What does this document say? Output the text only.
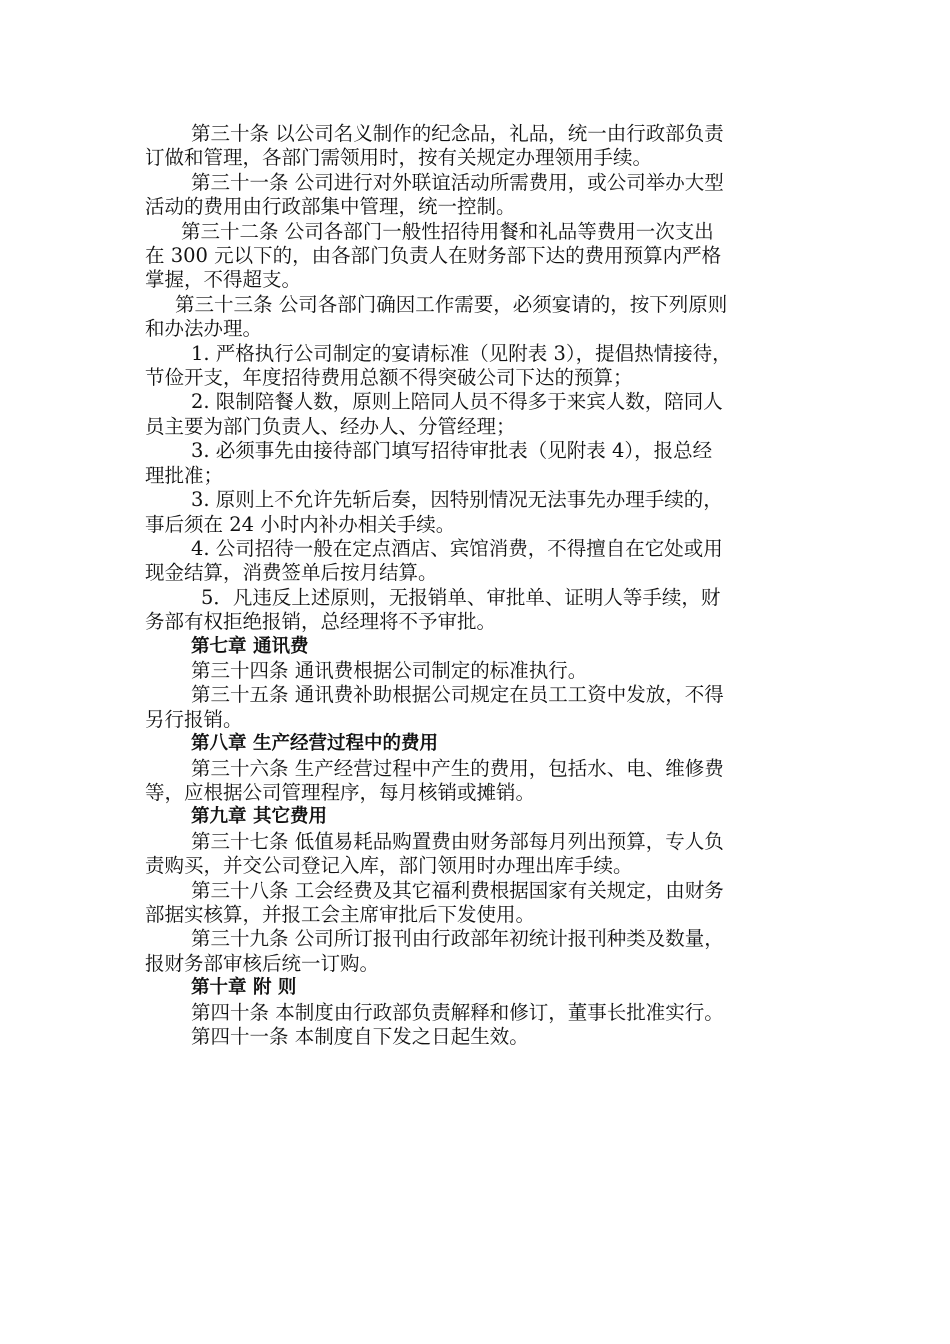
第三十条 以公司名义制作的纪念品，礼品，统一由行政部负责

订做和管理，各部门需领用时，按有关规定办理领用手续。

第三十一条 公司进行对外联谊活动所需费用，或公司举办大型

活动的费用由行政部集中管理，统一控制。

第三十二条 公司各部门一般性招待用餐和礼品等费用一次支出

在 300 元以下的，由各部门负责人在财务部下达的费用预算内严格

掌握，不得超支。

第三十三条 公司各部门确因工作需要，必须宴请的，按下列原则

和办法办理。

1. 严格执行公司制定的宴请标准（见附表 3），提倡热情接待，

节俭开支，年度招待费用总额不得突破公司下达的预算；

2. 限制陪餐人数，原则上陪同人员不得多于来宾人数，陪同人

员主要为部门负责人、经办人、分管经理；

3. 必须事先由接待部门填写招待审批表（见附表 4），报总经

理批准；

3. 原则上不允许先斩后奏，因特别情况无法事先办理手续的，

事后须在 24 小时内补办相关手续。

4. 公司招待一般在定点酒店、宾馆消费，不得擅自在它处或用

现金结算，消费签单后按月结算。

5．凡违反上述原则，无报销单、审批单、证明人等手续，财

务部有权拒绝报销，总经理将不予审批。

第七章 通讯费

第三十四条 通讯费根据公司制定的标准执行。

第三十五条 通讯费补助根据公司规定在员工工资中发放，不得

另行报销。

第八章 生产经营过程中的费用

第三十六条 生产经营过程中产生的费用，包括水、电、维修费

等，应根据公司管理程序，每月核销或摊销。

第九章 其它费用

第三十七条 低值易耗品购置费由财务部每月列出预算，专人负

责购买，并交公司登记入库，部门领用时办理出库手续。

第三十八条 工会经费及其它福利费根据国家有关规定，由财务

部据实核算，并报工会主席审批后下发使用。

第三十九条 公司所订报刊由行政部年初统计报刊种类及数量，

报财务部审核后统一订购。

第十章 附 则

第四十条 本制度由行政部负责解释和修订，董事长批准实行。

第四十一条 本制度自下发之日起生效。
